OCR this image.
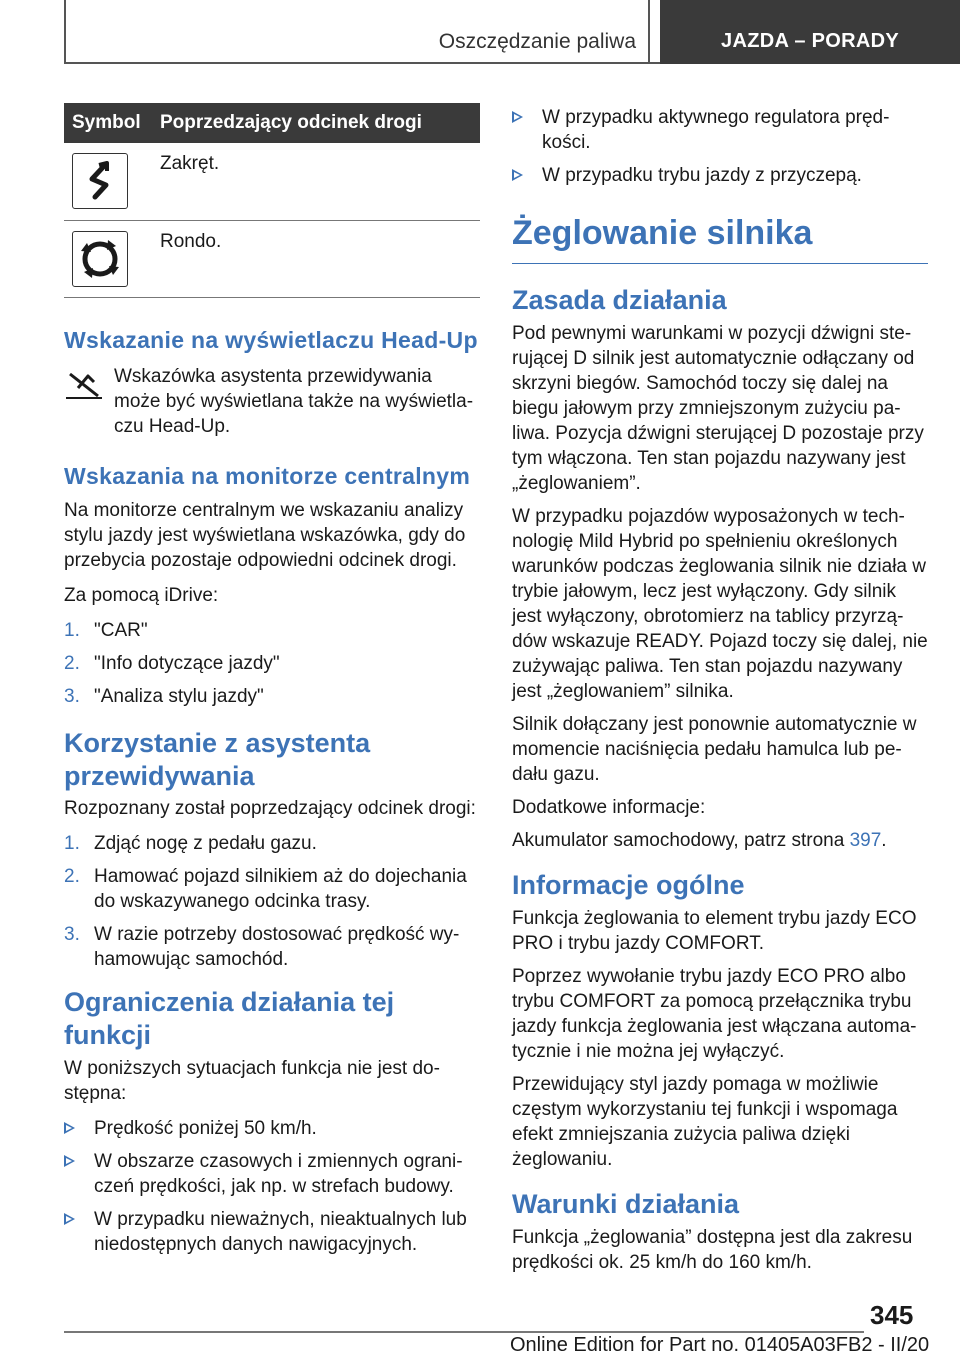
Oszczędzanie paliwa	JAZDA – PORADY
Symbol	Poprzedzający odcinek drogi

	Zakręt.

	Rondo.
Wskazanie na wyświetlaczu Head-Up

Wskazówka asystenta przewidywania może być wyświetlana także na wyświetlaczu Head-Up.

Wskazania na monitorze centralnym

Na monitorze centralnym we wskazaniu analizy stylu jazdy jest wyświetlana wskazówka, gdy do przebycia pozostaje odpowiedni odcinek drogi.

Za pomocą iDrive:

1. "CAR"
2. "Info dotyczące jazdy"
3. "Analiza stylu jazdy"
Korzystanie z asystenta przewidywania

Rozpoznany został poprzedzający odcinek drogi:

1. Zdjąć nogę z pedału gazu.
2. Hamować pojazd silnikiem aż do dojechania do wskazywanego odcinka trasy.
3. W razie potrzeby dostosować prędkość wyhamowując samochód.
Ograniczenia działania tej funkcji

W poniższych sytuacjach funkcja nie jest dostępna:

Prędkość poniżej 50 km/h.
W obszarze czasowych i zmiennych ograniczeń prędkości, jak np. w strefach budowy.
W przypadku nieważnych, nieaktualnych lub niedostępnych danych nawigacyjnych.
W przypadku aktywnego regulatora prędkości.
W przypadku trybu jazdy z przyczepą.
Żeglowanie silnika
Zasada działania

Pod pewnymi warunkami w pozycji dźwigni sterującej D silnik jest automatycznie odłączany od skrzyni biegów. Samochód toczy się dalej na biegu jałowym przy zmniejszonym zużyciu paliwa. Pozycja dźwigni sterującej D pozostaje przy tym włączona. Ten stan pojazdu nazywany jest „żeglowaniem”.

W przypadku pojazdów wyposażonych w technologię Mild Hybrid po spełnieniu określonych warunków podczas żeglowania silnik nie działa w trybie jałowym, lecz jest wyłączony. Gdy silnik jest wyłączony, obrotomierz na tablicy przyrządów wskazuje READY. Pojazd toczy się dalej, nie zużywając paliwa. Ten stan pojazdu nazywany jest „żeglowaniem” silnika.

Silnik dołączany jest ponownie automatycznie w momencie naciśnięcia pedału hamulca lub pedału gazu.

Dodatkowe informacje:

Akumulator samochodowy, patrz strona 397.

Informacje ogólne

Funkcja żeglowania to element trybu jazdy ECO PRO i trybu jazdy COMFORT.

Poprzez wywołanie trybu jazdy ECO PRO albo trybu COMFORT za pomocą przełącznika trybu jazdy funkcja żeglowania jest włączana automatycznie i nie można jej wyłączyć.

Przewidujący styl jazdy pomaga w możliwie częstym wykorzystaniu tej funkcji i wspomaga efekt zmniejszania zużycia paliwa dzięki żeglowaniu.

Warunki działania

Funkcja „żeglowania” dostępna jest dla zakresu prędkości ok. 25 km/h do 160 km/h.

345
Online Edition for Part no. 01405A03FB2 - II/20
